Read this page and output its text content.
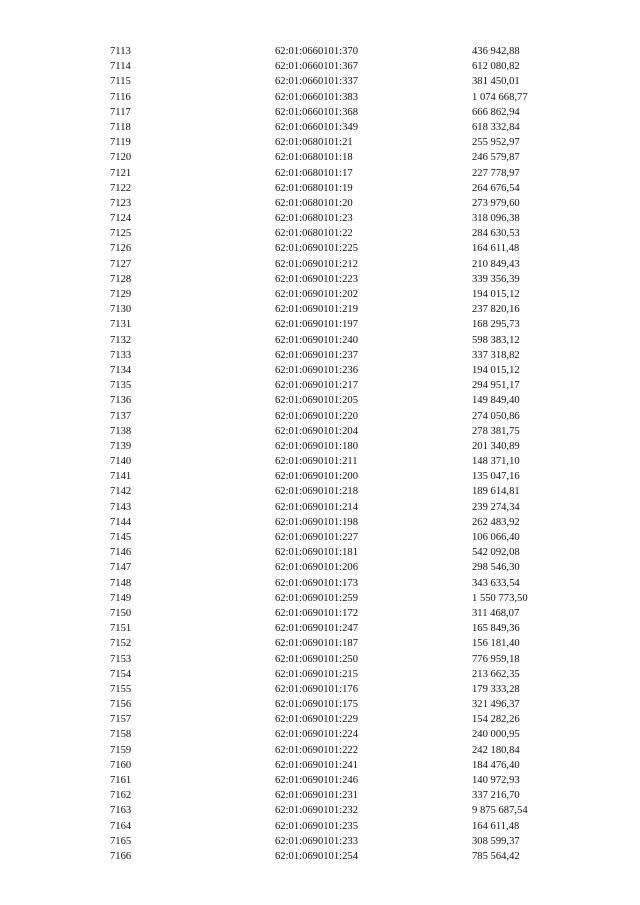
7113	62:01:0660101:370	436 942,88
7114	62:01:0660101:367	612 080,82
7115	62:01:0660101:337	381 450,01
7116	62:01:0660101:383	1 074 668,77
7117	62:01:0660101:368	666 862,94
7118	62:01:0660101:349	618 332,84
7119	62:01:0680101:21	255 952,97
7120	62:01:0680101:18	246 579,87
7121	62:01:0680101:17	227 778,97
7122	62:01:0680101:19	264 676,54
7123	62:01:0680101:20	273 979,60
7124	62:01:0680101:23	318 096,38
7125	62:01:0680101:22	284 630,53
7126	62:01:0690101:225	164 611,48
7127	62:01:0690101:212	210 849,43
7128	62:01:0690101:223	339 356,39
7129	62:01:0690101:202	194 015,12
7130	62:01:0690101:219	237 820,16
7131	62:01:0690101:197	168 295,73
7132	62:01:0690101:240	598 383,12
7133	62:01:0690101:237	337 318,82
7134	62:01:0690101:236	194 015,12
7135	62:01:0690101:217	294 951,17
7136	62:01:0690101:205	149 849,40
7137	62:01:0690101:220	274 050,86
7138	62:01:0690101:204	278 381,75
7139	62:01:0690101:180	201 340,89
7140	62:01:0690101:211	148 371,10
7141	62:01:0690101:200	135 047,16
7142	62:01:0690101:218	189 614,81
7143	62:01:0690101:214	239 274,34
7144	62:01:0690101:198	262 483,92
7145	62:01:0690101:227	106 066,40
7146	62:01:0690101:181	542 092,08
7147	62:01:0690101:206	298 546,30
7148	62:01:0690101:173	343 633,54
7149	62:01:0690101:259	1 550 773,50
7150	62:01:0690101:172	311 468,07
7151	62:01:0690101:247	165 849,36
7152	62:01:0690101:187	156 181,40
7153	62:01:0690101:250	776 959,18
7154	62:01:0690101:215	213 662,35
7155	62:01:0690101:176	179 333,28
7156	62:01:0690101:175	321 496,37
7157	62:01:0690101:229	154 282,26
7158	62:01:0690101:224	240 000,95
7159	62:01:0690101:222	242 180,84
7160	62:01:0690101:241	184 476,40
7161	62:01:0690101:246	140 972,93
7162	62:01:0690101:231	337 216,70
7163	62:01:0690101:232	9 875 687,54
7164	62:01:0690101:235	164 611,48
7165	62:01:0690101:233	308 599,37
7166	62:01:0690101:254	785 564,42
